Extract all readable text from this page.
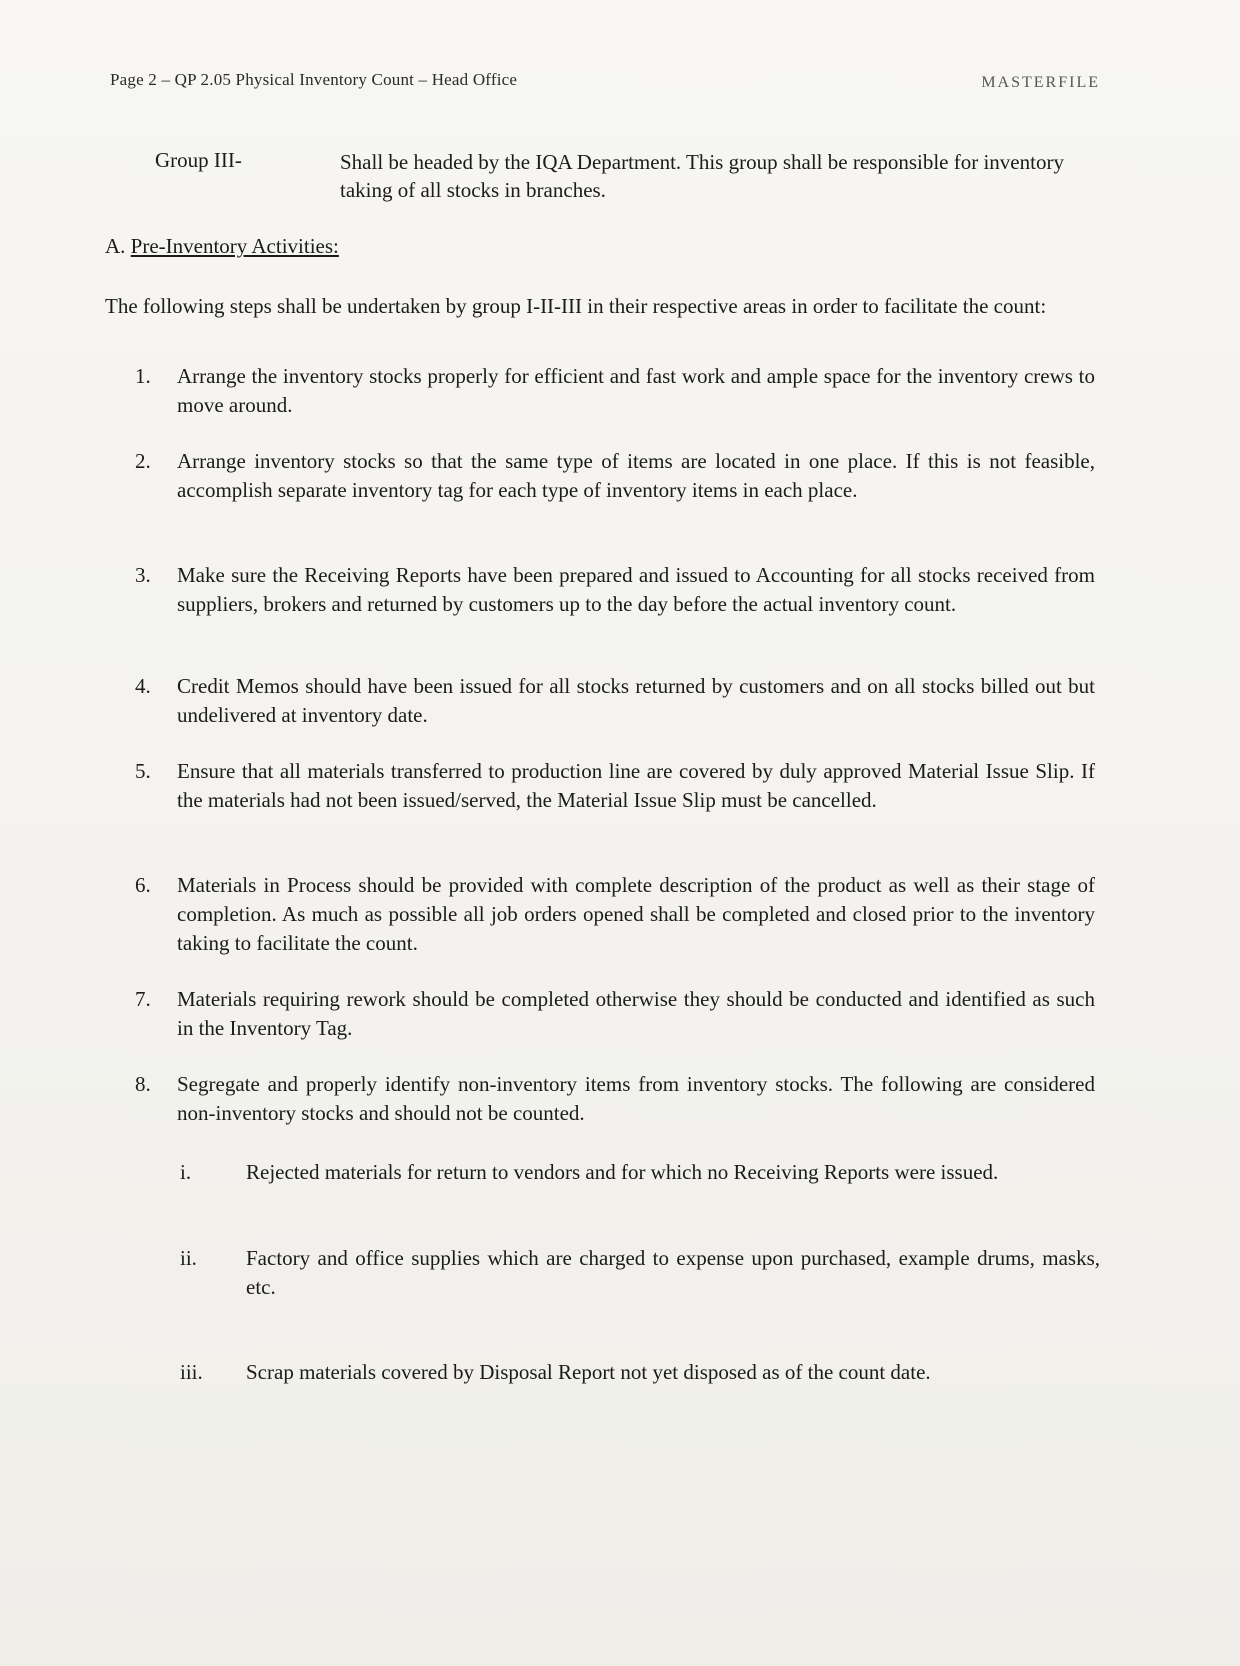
Page 2 – QP 2.05 Physical Inventory Count – Head Office	MASTERFILE
Group III-	Shall be headed by the IQA Department. This group shall be responsible for inventory taking of all stocks in branches.
A. Pre-Inventory Activities:
The following steps shall be undertaken by group I-II-III in their respective areas in order to facilitate the count:
1.	Arrange the inventory stocks properly for efficient and fast work and ample space for the inventory crews to move around.
2.	Arrange inventory stocks so that the same type of items are located in one place. If this is not feasible, accomplish separate inventory tag for each type of inventory items in each place.
3.	Make sure the Receiving Reports have been prepared and issued to Accounting for all stocks received from suppliers, brokers and returned by customers up to the day before the actual inventory count.
4.	Credit Memos should have been issued for all stocks returned by customers and on all stocks billed out but undelivered at inventory date.
5.	Ensure that all materials transferred to production line are covered by duly approved Material Issue Slip. If the materials had not been issued/served, the Material Issue Slip must be cancelled.
6.	Materials in Process should be provided with complete description of the product as well as their stage of completion. As much as possible all job orders opened shall be completed and closed prior to the inventory taking to facilitate the count.
7.	Materials requiring rework should be completed otherwise they should be conducted and identified as such in the Inventory Tag.
8.	Segregate and properly identify non-inventory items from inventory stocks. The following are considered non-inventory stocks and should not be counted.
i.	Rejected materials for return to vendors and for which no Receiving Reports were issued.
ii.	Factory and office supplies which are charged to expense upon purchased, example drums, masks, etc.
iii.	Scrap materials covered by Disposal Report not yet disposed as of the count date.
